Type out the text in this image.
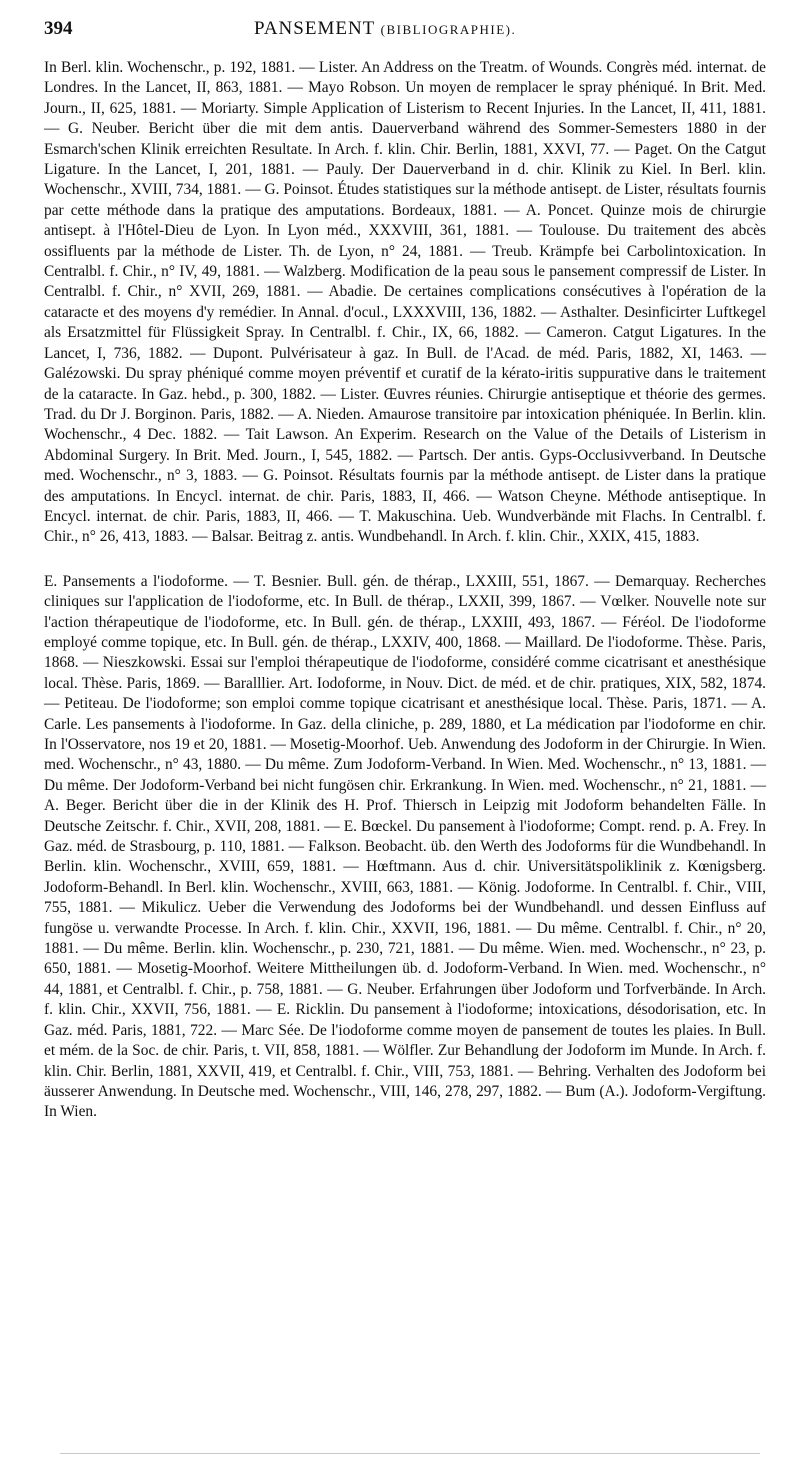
394	PANSEMENT (BIBLIOGRAPHIE).

In Berl. klin. Wochenschr., p. 192, 1881. — Lister. An Address on the Treatm. of Wounds. Congrès méd. internat. de Londres. In the Lancet, II, 863, 1881. — Mayo Robson. Un moyen de remplacer le spray phéniqué. In Brit. Med. Journ., II, 625, 1881. — Moriarty. Simple Application of Listerism to Recent Injuries. In the Lancet, II, 411, 1881. — G. Neuber. Bericht über die mit dem antis. Dauerverband während des Sommer-Semesters 1880 in der Esmarch'schen Klinik erreichten Resultate. In Arch. f. klin. Chir. Berlin, 1881, XXVI, 77. — Paget. On the Catgut Ligature. In the Lancet, I, 201, 1881. — Pauly. Der Dauerverband in d. chir. Klinik zu Kiel. In Berl. klin. Wochenschr., XVIII, 734, 1881. — G. Poinsot. Études statistiques sur la méthode antisept. de Lister, résultats fournis par cette méthode dans la pratique des amputations. Bordeaux, 1881. — A. Poncet. Quinze mois de chirurgie antisept. à l'Hôtel-Dieu de Lyon. In Lyon méd., XXXVIII, 361, 1881. — Toulouse. Du traitement des abcès ossifluents par la méthode de Lister. Th. de Lyon, n° 24, 1881. — Treub. Krämpfe bei Carbolintoxication. In Centralbl. f. Chir., n° IV, 49, 1881. — Walzberg. Modification de la peau sous le pansement compressif de Lister. In Centralbl. f. Chir., n° XVII, 269, 1881. — Abadie. De certaines complications consécutives à l'opération de la cataracte et des moyens d'y remédier. In Annal. d'ocul., LXXXVIII, 136, 1882. — Asthalter. Desinficirter Luftkegel als Ersatzmittel für Flüssigkeit Spray. In Centralbl. f. Chir., IX, 66, 1882. — Cameron. Catgut Ligatures. In the Lancet, I, 736, 1882. — Dupont. Pulvérisateur à gaz. In Bull. de l'Acad. de méd. Paris, 1882, XI, 1463. — Galézowski. Du spray phéniqué comme moyen préventif et curatif de la kérato-iritis suppurative dans le traitement de la cataracte. In Gaz. hebd., p. 300, 1882. — Lister. Œuvres réunies. Chirurgie antiseptique et théorie des germes. Trad. du Dr J. Borginon. Paris, 1882. — A. Nieden. Amaurose transitoire par intoxication phéniquée. In Berlin. klin. Wochenschr., 4 Dec. 1882. — Tait Lawson. An Experim. Research on the Value of the Details of Listerism in Abdominal Surgery. In Brit. Med. Journ., I, 545, 1882. — Partsch. Der antis. Gyps-Occlusivverband. In Deutsche med. Wochenschr., n° 3, 1883. — G. Poinsot. Résultats fournis par la méthode antisept. de Lister dans la pratique des amputations. In Encycl. internat. de chir. Paris, 1883, II, 466. — Watson Cheyne. Méthode antiseptique. In Encycl. internat. de chir. Paris, 1883, II, 466. — T. Makuschina. Ueb. Wundverbände mit Flachs. In Centralbl. f. Chir., n° 26, 413, 1883. — Balsar. Beitrag z. antis. Wundbehandl. In Arch. f. klin. Chir., XXIX, 415, 1883.

E. Pansements a l'iodoforme. — T. Besnier. Bull. gén. de thérap., LXXIII, 551, 1867. — Demarquay. Recherches cliniques sur l'application de l'iodoforme, etc. In Bull. de thérap., LXXII, 399, 1867. — Vœlker. Nouvelle note sur l'action thérapeutique de l'iodoforme, etc. In Bull. gén. de thérap., LXXIII, 493, 1867. — Féréol. De l'iodoforme employé comme topique, etc. In Bull. gén. de thérap., LXXIV, 400, 1868. — Maillard. De l'iodoforme. Thèse. Paris, 1868. — Nieszkowski. Essai sur l'emploi thérapeutique de l'iodoforme, considéré comme cicatrisant et anesthésique local. Thèse. Paris, 1869. — Baralllier. Art. Iodoforme, in Nouv. Dict. de méd. et de chir. pratiques, XIX, 582, 1874. — Petiteau. De l'iodoforme; son emploi comme topique cicatrisant et anesthésique local. Thèse. Paris, 1871. — A. Carle. Les pansements à l'iodoforme. In Gaz. della cliniche, p. 289, 1880, et La médication par l'iodoforme en chir. In l'Osservatore, nos 19 et 20, 1881. — Mosetig-Moorhof. Ueb. Anwendung des Jodoform in der Chirurgie. In Wien. med. Wochenschr., n° 43, 1880. — Du même. Zum Jodoform-Verband. In Wien. Med. Wochenschr., n° 13, 1881. — Du même. Der Jodoform-Verband bei nicht fungösen chir. Erkrankung. In Wien. med. Wochenschr., n° 21, 1881. — A. Beger. Bericht über die in der Klinik des H. Prof. Thiersch in Leipzig mit Jodoform behandelten Fälle. In Deutsche Zeitschr. f. Chir., XVII, 208, 1881. — E. Bœckel. Du pansement à l'iodoforme; Compt. rend. p. A. Frey. In Gaz. méd. de Strasbourg, p. 110, 1881. — Falkson. Beobacht. üb. den Werth des Jodoforms für die Wundbehandl. In Berlin. klin. Wochenschr., XVIII, 659, 1881. — Hœftmann. Aus d. chir. Universitätspoliklinik z. Kœnigsberg. Jodoform-Behandl. In Berl. klin. Wochenschr., XVIII, 663, 1881. — König. Jodoforme. In Centralbl. f. Chir., VIII, 755, 1881. — Mikulicz. Ueber die Verwendung des Jodoforms bei der Wundbehandl. und dessen Einfluss auf fungöse u. verwandte Processe. In Arch. f. klin. Chir., XXVII, 196, 1881. — Du même. Centralbl. f. Chir., n° 20, 1881. — Du même. Berlin. klin. Wochenschr., p. 230, 721, 1881. — Du même. Wien. med. Wochenschr., n° 23, p. 650, 1881. — Mosetig-Moorhof. Weitere Mittheilungen üb. d. Jodoform-Verband. In Wien. med. Wochenschr., n° 44, 1881, et Centralbl. f. Chir., p. 758, 1881. — G. Neuber. Erfahrungen über Jodoform und Torfverbände. In Arch. f. klin. Chir., XXVII, 756, 1881. — E. Ricklin. Du pansement à l'iodoforme; intoxications, désodorisation, etc. In Gaz. méd. Paris, 1881, 722. — Marc Sée. De l'iodoforme comme moyen de pansement de toutes les plaies. In Bull. et mém. de la Soc. de chir. Paris, t. VII, 858, 1881. — Wölfler. Zur Behandlung der Jodoform im Munde. In Arch. f. klin. Chir. Berlin, 1881, XXVII, 419, et Centralbl. f. Chir., VIII, 753, 1881. — Behring. Verhalten des Jodoform bei äusserer Anwendung. In Deutsche med. Wochenschr., VIII, 146, 278, 297, 1882. — Bum (A.). Jodoform-Vergiftung. In Wien.
